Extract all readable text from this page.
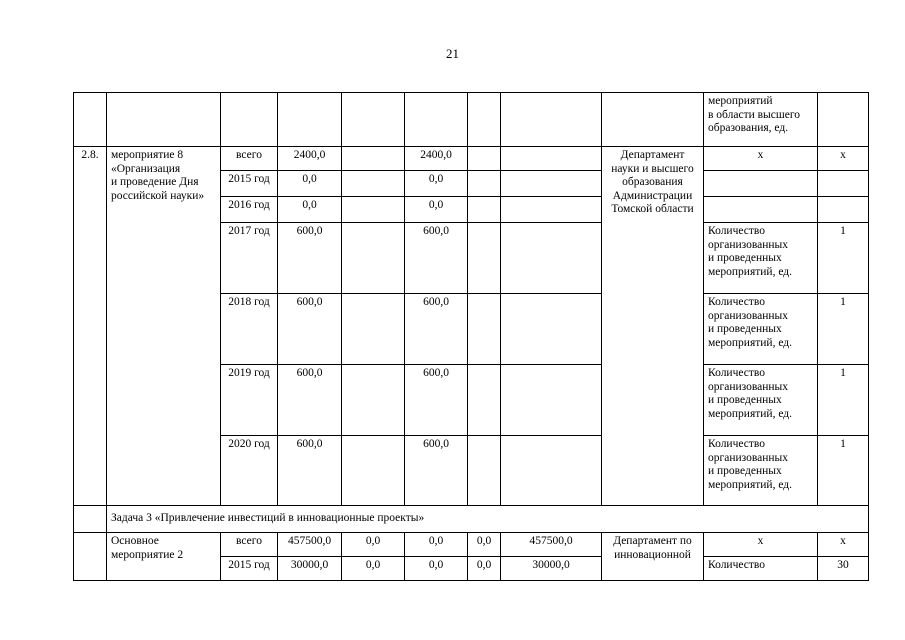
21
									мероприятий
в области высшего
образования, ед.	
2.8.	мероприятие 8
«Организация
и проведение Дня
российской науки»	всего	2400,0		2400,0			Департамент
науки и высшего
образования
Администрации
Томской области	х	х
		2015 год	0,0		0,0					
		2016 год	0,0		0,0					
		2017 год	600,0		600,0				Количество
организованных
и проведенных
мероприятий, ед.	1
		2018 год	600,0		600,0				Количество
организованных
и проведенных
мероприятий, ед.	1
		2019 год	600,0		600,0				Количество
организованных
и проведенных
мероприятий, ед.	1
		2020 год	600,0		600,0				Количество
организованных
и проведенных
мероприятий, ед.	1
	Задача 3 «Привлечение инвестиций в инновационные проекты»									
	Основное
мероприятие 2	всего	457500,0	0,0	0,0	0,0	457500,0	Департамент по
инновационной	х	х
		2015 год	30000,0	0,0	0,0	0,0	30000,0		Количество	30
